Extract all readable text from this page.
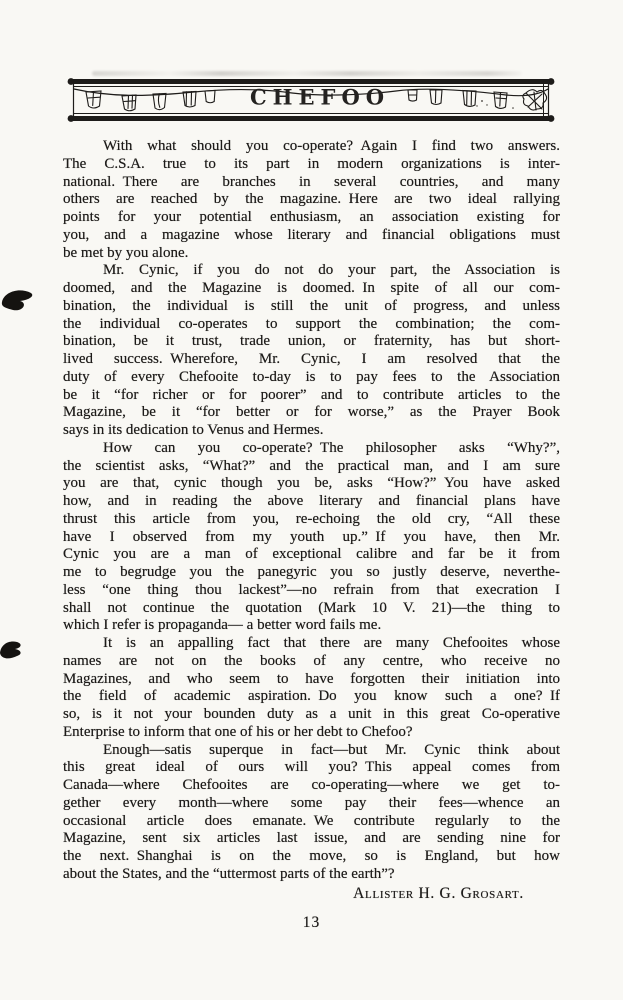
CHEFOO
With what should you co-operate? Again I find two answers.
The C.S.A. true to its part in modern organizations is inter-
national. There are branches in several countries, and many
others are reached by the magazine. Here are two ideal rallying
points for your potential enthusiasm, an association existing for
you, and a magazine whose literary and financial obligations must
be met by you alone.
Mr. Cynic, if you do not do your part, the Association is
doomed, and the Magazine is doomed. In spite of all our com-
bination, the individual is still the unit of progress, and unless
the individual co-operates to support the combination; the com-
bination, be it trust, trade union, or fraternity, has but short-
lived success. Wherefore, Mr. Cynic, I am resolved that the
duty of every Chefooite to-day is to pay fees to the Association
be it “for richer or for poorer” and to contribute articles to the
Magazine, be it “for better or for worse,” as the Prayer Book
says in its dedication to Venus and Hermes.
How can you co-operate? The philosopher asks “Why?”,
the scientist asks, “What?” and the practical man, and I am sure
you are that, cynic though you be, asks “How?” You have asked
how, and in reading the above literary and financial plans have
thrust this article from you, re-echoing the old cry, “All these
have I observed from my youth up.” If you have, then Mr.
Cynic you are a man of exceptional calibre and far be it from
me to begrudge you the panegyric you so justly deserve, neverthe-
less “one thing thou lackest”—no refrain from that execration I
shall not continue the quotation (Mark 10 V. 21)—the thing to
which I refer is propaganda— a better word fails me.
It is an appalling fact that there are many Chefooites whose
names are not on the books of any centre, who receive no
Magazines, and who seem to have forgotten their initiation into
the field of academic aspiration. Do you know such a one? If
so, is it not your bounden duty as a unit in this great Co-operative
Enterprise to inform that one of his or her debt to Chefoo?
Enough—satis superque in fact—but Mr. Cynic think about
this great ideal of ours will you? This appeal comes from
Canada—where Chefooites are co-operating—where we get to-
gether every month—where some pay their fees—whence an
occasional article does emanate. We contribute regularly to the
Magazine, sent six articles last issue, and are sending nine for
the next. Shanghai is on the move, so is England, but how
about the States, and the “uttermost parts of the earth”?
Allister H. G. Grosart.
13
